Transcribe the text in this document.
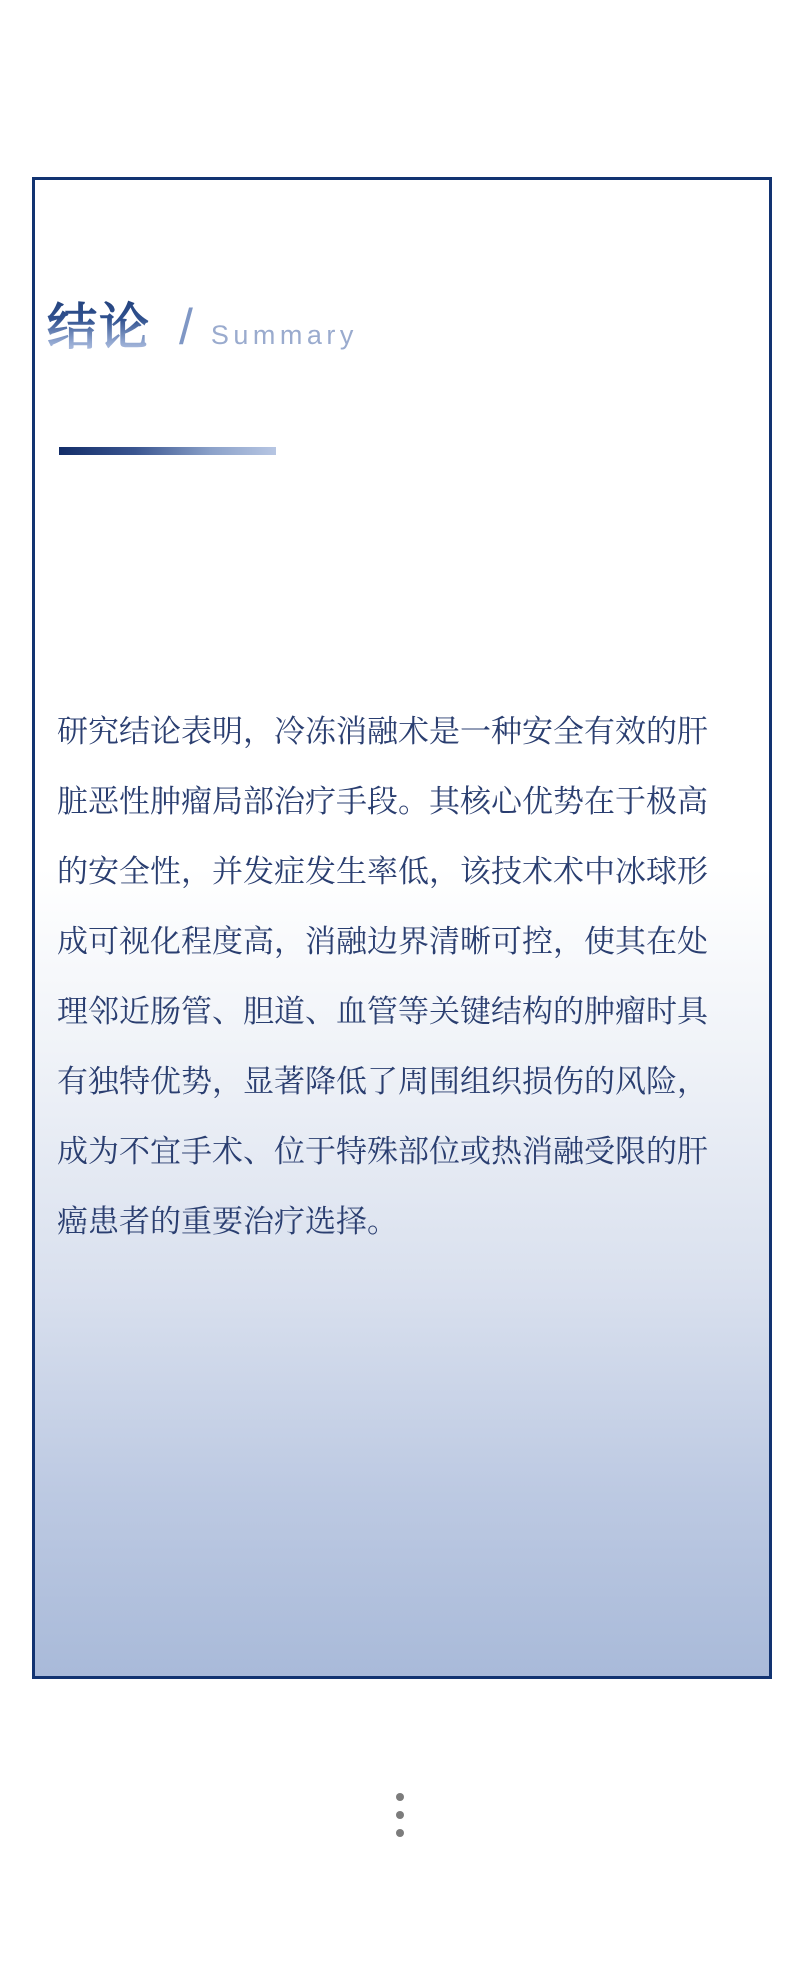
结论 / Summary
研究结论表明，冷冻消融术是一种安全有效的肝
脏恶性肿瘤局部治疗手段。其核心优势在于极高
的安全性，并发症发生率低，该技术术中冰球形
成可视化程度高，消融边界清晰可控，使其在处
理邻近肠管、胆道、血管等关键结构的肿瘤时具
有独特优势，显著降低了周围组织损伤的风险，
成为不宜手术、位于特殊部位或热消融受限的肝
癌患者的重要治疗选择。
